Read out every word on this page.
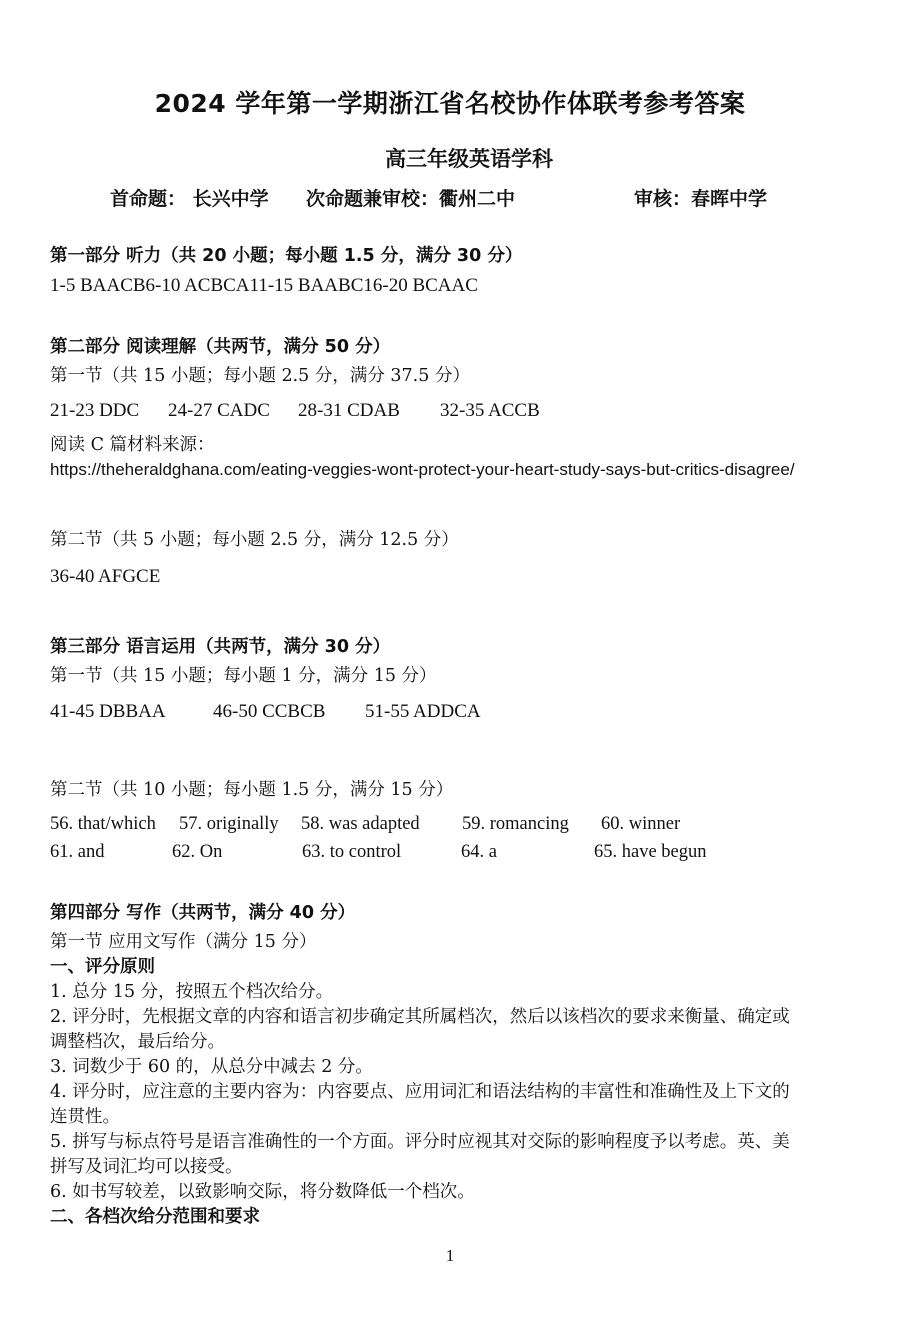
2024 学年第一学期浙江省名校协作体联考参考答案
高三年级英语学科
首命题： 长兴中学 次命题兼审校：衢州二中	审核：春晖中学
第一部分 听力（共 20 小题；每小题 1.5 分，满分 30 分）
1-5 BAACB6-10 ACBCA11-15 BAABC16-20 BCAAC
第二部分 阅读理解（共两节，满分 50 分）
第一节（共 15 小题；每小题 2.5 分，满分 37.5 分）
21-23 DDC	24-27 CADC	28-31 CDAB	32-35 ACCB
阅读 C 篇材料来源：
https://theheraldghana.com/eating-veggies-wont-protect-your-heart-study-says-but-critics-disagree/
第二节（共 5 小题；每小题 2.5 分，满分 12.5 分）
36-40 AFGCE
第三部分 语言运用（共两节，满分 30 分）
第一节（共 15 小题；每小题 1 分，满分 15 分）
41-45 DBBAA	46-50 CCBCB	51-55 ADDCA
第二节（共 10 小题；每小题 1.5 分，满分 15 分）
56. that/which	57. originally	58. was adapted	59. romancing	60. winner
61. and	62. On	63. to control	64. a	65. have begun
第四部分 写作（共两节，满分 40 分）
第一节 应用文写作（满分 15 分）
一、评分原则
1. 总分 15 分，按照五个档次给分。
2. 评分时，先根据文章的内容和语言初步确定其所属档次，然后以该档次的要求来衡量、确定或
调整档次，最后给分。
3. 词数少于 60 的，从总分中减去 2 分。
4. 评分时，应注意的主要内容为：内容要点、应用词汇和语法结构的丰富性和准确性及上下文的
连贯性。
5. 拼写与标点符号是语言准确性的一个方面。评分时应视其对交际的影响程度予以考虑。英、美
拼写及词汇均可以接受。
6. 如书写较差，以致影响交际，将分数降低一个档次。
二、各档次给分范围和要求
1
